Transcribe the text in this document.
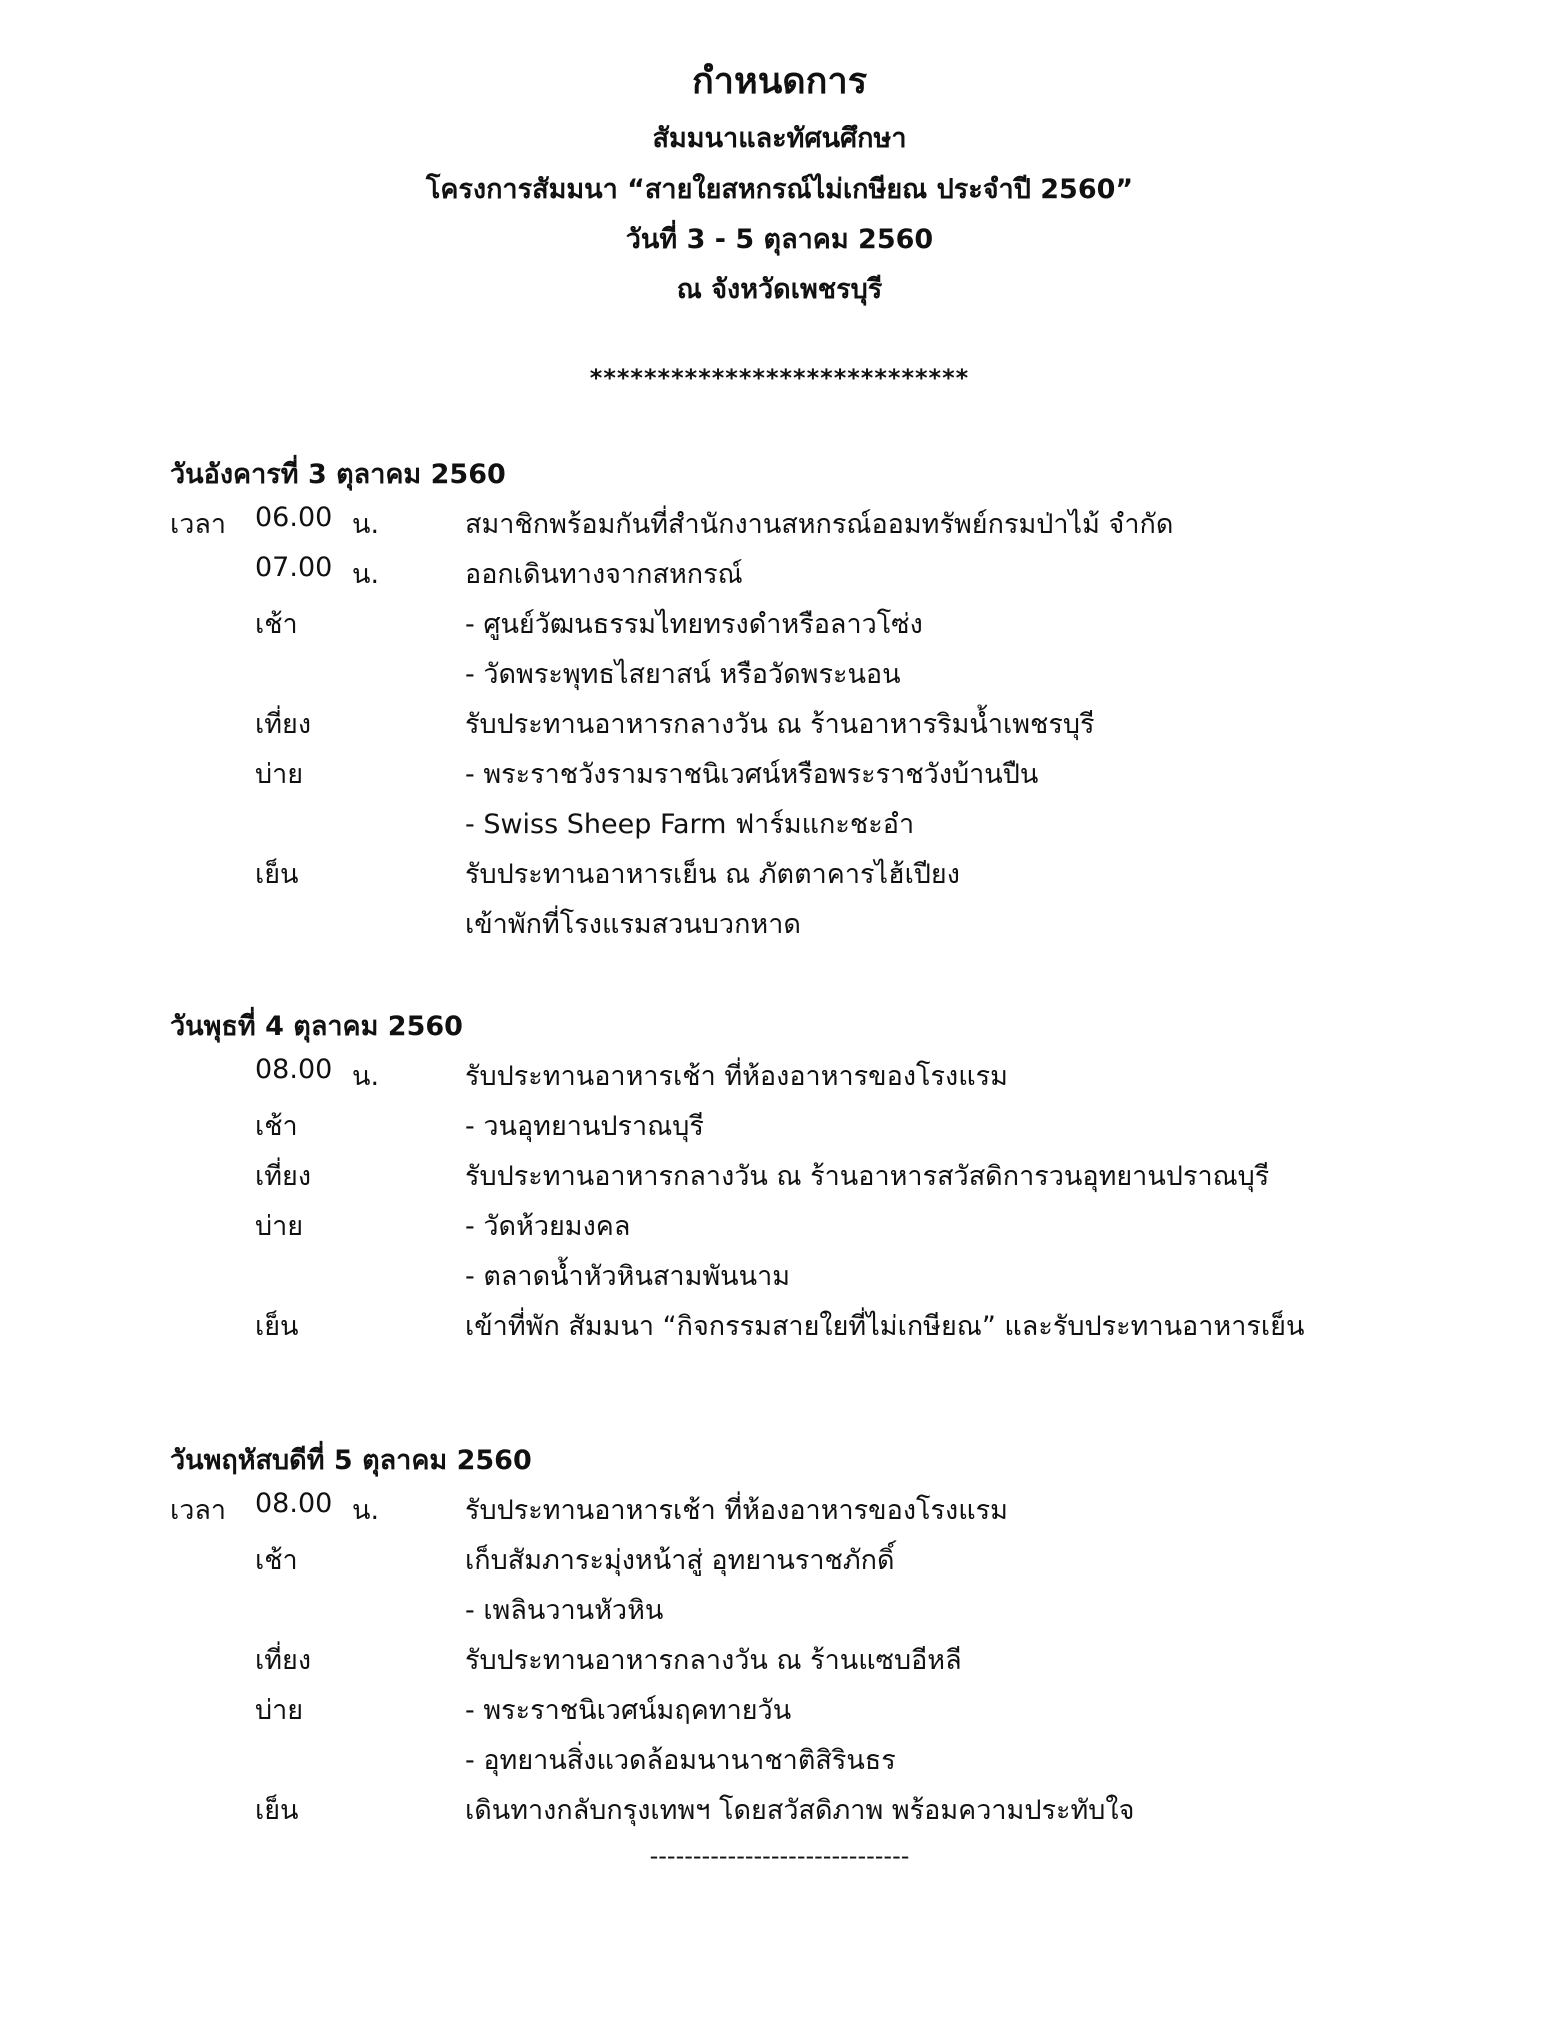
กำหนดการ
สัมมนาและทัศนศึกษา
โครงการสัมมนา “สายใยสหกรณ์ไม่เกษียณ ประจำปี 2560”
วันที่ 3 - 5 ตุลาคม 2560
ณ จังหวัดเพชรบุรี
****************************
วันอังคารที่ 3 ตุลาคม 2560
เวลา 06.00 น.	สมาชิกพร้อมกันที่สำนักงานสหกรณ์ออมทรัพย์กรมป่าไม้ จำกัด
07.00 น.	ออกเดินทางจากสหกรณ์
เช้า	- ศูนย์วัฒนธรรมไทยทรงดำหรือลาวโซ่ง
- วัดพระพุทธไสยาสน์ หรือวัดพระนอน
เที่ยง	รับประทานอาหารกลางวัน ณ ร้านอาหารริมน้ำเพชรบุรี
บ่าย	- พระราชวังรามราชนิเวศน์หรือพระราชวังบ้านปืน
- Swiss Sheep Farm ฟาร์มแกะชะอำ
เย็น	รับประทานอาหารเย็น ณ ภัตตาคารไฮ้เปียง
เข้าพักที่โรงแรมสวนบวกหาด
วันพุธที่ 4 ตุลาคม 2560
08.00 น.	รับประทานอาหารเช้า ที่ห้องอาหารของโรงแรม
เช้า	- วนอุทยานปราณบุรี
เที่ยง	รับประทานอาหารกลางวัน ณ ร้านอาหารสวัสดิการวนอุทยานปราณบุรี
บ่าย	- วัดห้วยมงคล
- ตลาดน้ำหัวหินสามพันนาม
เย็น	เข้าที่พัก สัมมนา “กิจกรรมสายใยที่ไม่เกษียณ” และรับประทานอาหารเย็น
วันพฤหัสบดีที่ 5 ตุลาคม 2560
เวลา 08.00 น.	รับประทานอาหารเช้า ที่ห้องอาหารของโรงแรม
เช้า	เก็บสัมภาระมุ่งหน้าสู่ อุทยานราชภักดิ์
- เพลินวานหัวหิน
เที่ยง	รับประทานอาหารกลางวัน ณ ร้านแซบอีหลี
บ่าย	- พระราชนิเวศน์มฤคทายวัน
- อุทยานสิ่งแวดล้อมนานาชาติสิรินธร
เย็น	เดินทางกลับกรุงเทพฯ โดยสวัสดิภาพ พร้อมความประทับใจ
------------------------------
